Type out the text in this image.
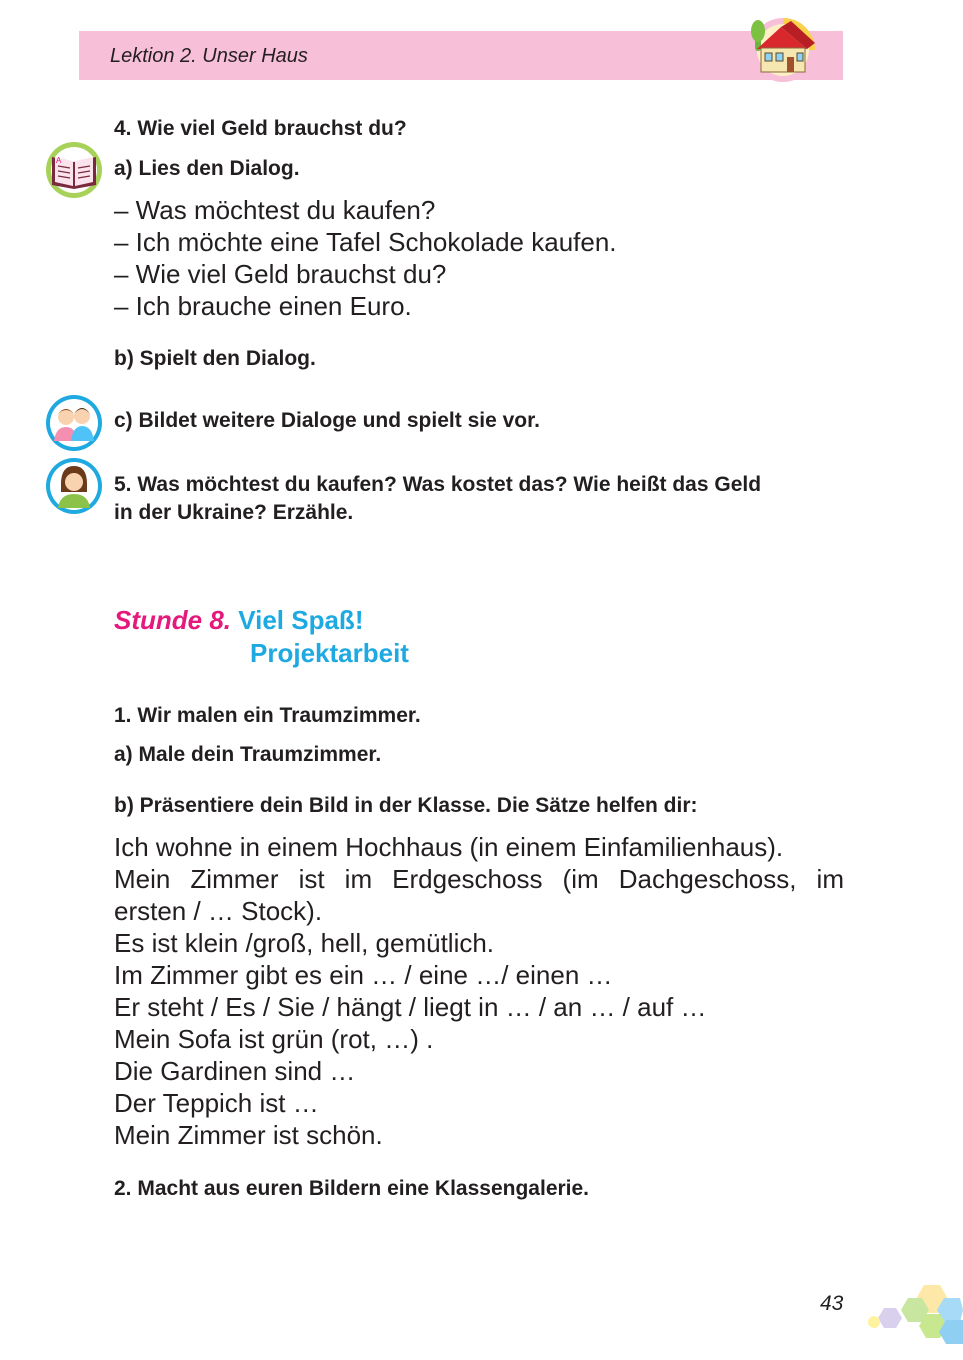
Lektion 2. Unser Haus
4. Wie viel Geld brauchst du?
A	a) Lies den Dialog.
– Was möchtest du kaufen?
– Ich möchte eine Tafel Schokolade kaufen.
– Wie viel Geld brauchst du?
– Ich brauche einen Euro.
b) Spielt den Dialog.
c) Bildet weitere Dialoge und spielt sie vor.
5. Was möchtest du kaufen? Was kostet das? Wie heißt das Geld
in der Ukraine? Erzähle.
Stunde 8. Viel Spaß!
Projektarbeit
1. Wir malen ein Traumzimmer.
a) Male dein Traumzimmer.
b) Präsentiere dein Bild in der Klasse. Die Sätze helfen dir:
Ich wohne in einem Hochhaus (in einem Einfamilienhaus).
Mein Zimmer ist im Erdgeschoss (im Dachgeschoss, im
ersten / … Stock).
Es ist klein /groß, hell, gemütlich.
Im Zimmer gibt es ein … / eine …/ einen …
Er steht / Es / Sie / hängt / liegt in … / an … / auf …
Mein Sofa ist grün (rot, …) .
Die Gardinen sind …
Der Teppich ist …
Mein Zimmer ist schön.
2. Macht aus euren Bildern eine Klassengalerie.
43
